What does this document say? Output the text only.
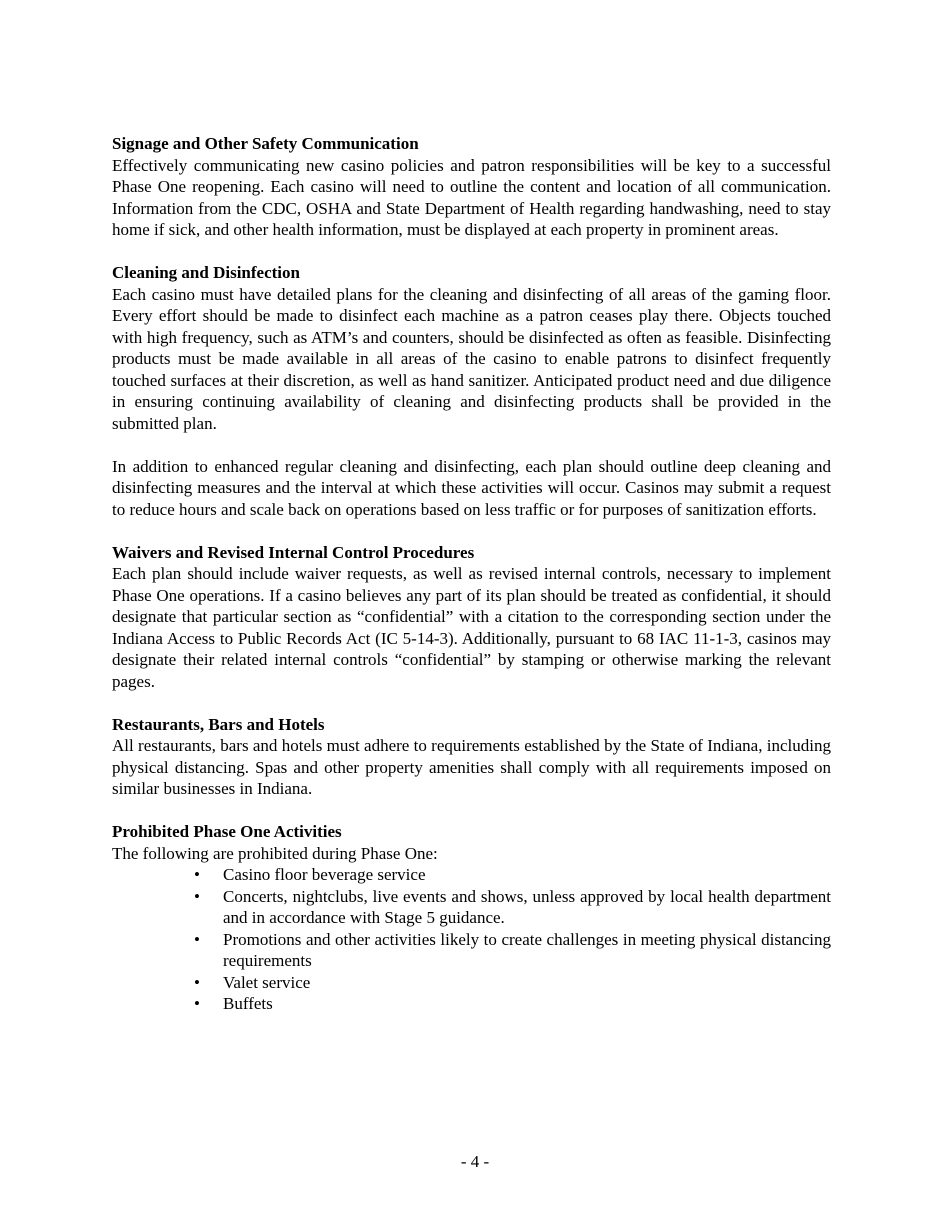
Signage and Other Safety Communication

Effectively communicating new casino policies and patron responsibilities will be key to a successful Phase One reopening. Each casino will need to outline the content and location of all communication. Information from the CDC, OSHA and State Department of Health regarding handwashing, need to stay home if sick, and other health information, must be displayed at each property in prominent areas.

Cleaning and Disinfection

Each casino must have detailed plans for the cleaning and disinfecting of all areas of the gaming floor. Every effort should be made to disinfect each machine as a patron ceases play there. Objects touched with high frequency, such as ATM’s and counters, should be disinfected as often as feasible. Disinfecting products must be made available in all areas of the casino to enable patrons to disinfect frequently touched surfaces at their discretion, as well as hand sanitizer. Anticipated product need and due diligence in ensuring continuing availability of cleaning and disinfecting products shall be provided in the submitted plan.

In addition to enhanced regular cleaning and disinfecting, each plan should outline deep cleaning and disinfecting measures and the interval at which these activities will occur. Casinos may submit a request to reduce hours and scale back on operations based on less traffic or for purposes of sanitization efforts.

Waivers and Revised Internal Control Procedures

Each plan should include waiver requests, as well as revised internal controls, necessary to implement Phase One operations. If a casino believes any part of its plan should be treated as confidential, it should designate that particular section as “confidential” with a citation to the corresponding section under the Indiana Access to Public Records Act (IC 5-14-3). Additionally, pursuant to 68 IAC 11-1-3, casinos may designate their related internal controls “confidential” by stamping or otherwise marking the relevant pages.

Restaurants, Bars and Hotels

All restaurants, bars and hotels must adhere to requirements established by the State of Indiana, including physical distancing. Spas and other property amenities shall comply with all requirements imposed on similar businesses in Indiana.

Prohibited Phase One Activities

The following are prohibited during Phase One:

• Casino floor beverage service
• Concerts, nightclubs, live events and shows, unless approved by local health department and in accordance with Stage 5 guidance.
• Promotions and other activities likely to create challenges in meeting physical distancing requirements
• Valet service
• Buffets
- 4 -
